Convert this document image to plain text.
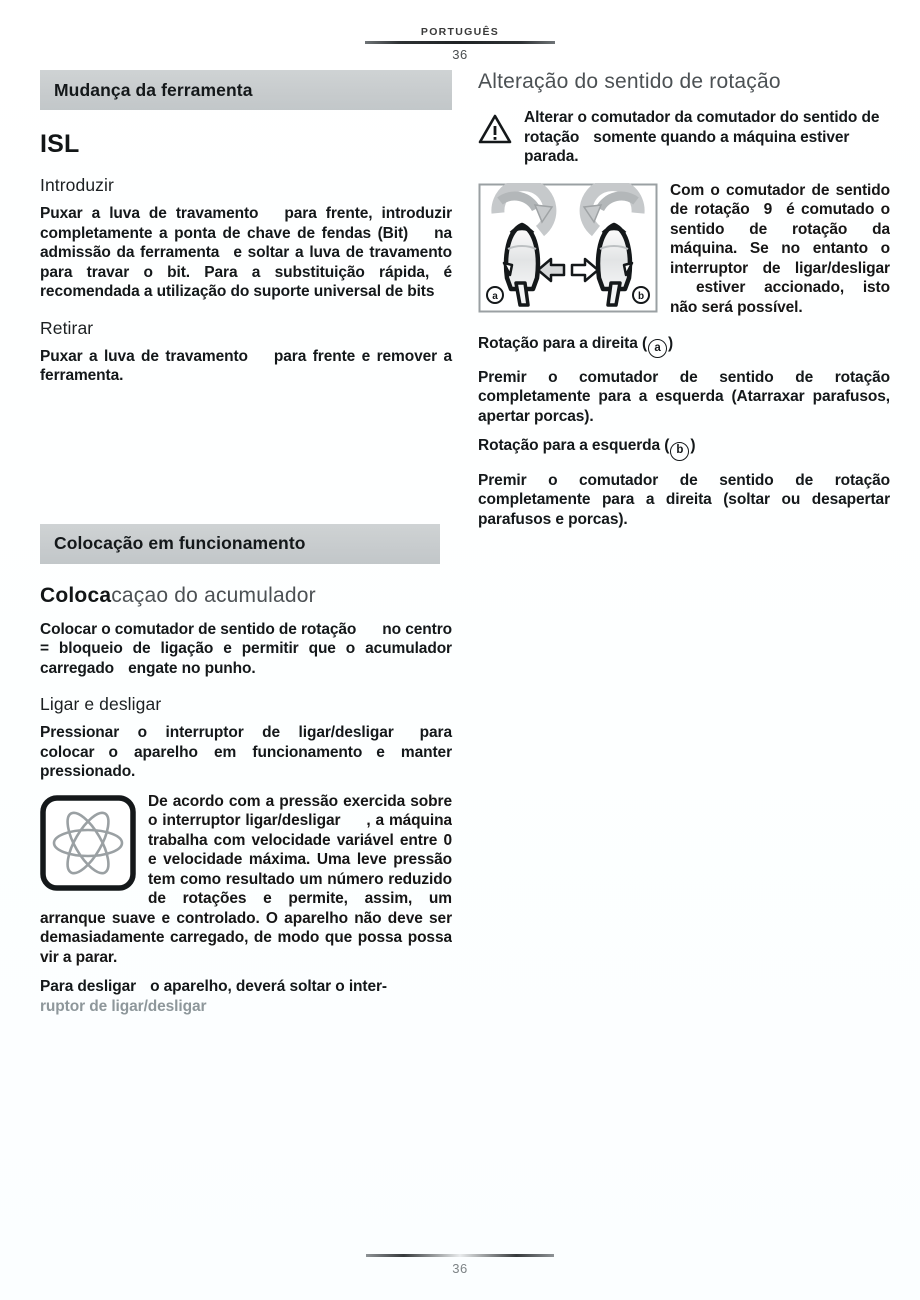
PORTUGUÊS
36
Mudança da ferramenta
ISL
Introduzir

Puxar a luva de travamento para frente, introduzir completamente a ponta de chave de fendas (Bit) na admissão da ferramenta e soltar a luva de travamento para travar o bit. Para a substituição rápida, é recomendada a utilização do suporte universal de bits

Retirar

Puxar a luva de travamento para frente e remover a ferramenta.

Colocação em funcionamento
Colocacaçao do acumulador

Colocar o comutador de sentido de rotação no centro = bloqueio de ligação e permitir que o acumulador carregado engate no punho.

Ligar e desligar

Pressionar o interruptor de ligar/desligar para colocar o aparelho em funcionamento e manter pressionado.

De acordo com a pressão exercida sobre o interruptor ligar/desligar , a máquina trabalha com velocidade variável entre 0 e velocidade máxima. Uma leve pressão tem como resultado um número reduzido de rotações e permite, assim, um arranque suave e controlado. O aparelho não deve ser demasiadamente carregado, de modo que possa possa vir a parar.

Para desligar o aparelho, deverá soltar o inter-
ruptor de ligar/desligar

Alteração do sentido de rotação

Alterar o comutador da comutador do sentido de rotação somente quando a máquina estiver parada.

a	b

Com o comutador de sentido de rotação 9 é comutado o sentido de rotação da máquina. Se no entanto o interruptor de ligar/desligarestiver accionado, isto não será possível.

Rotação para a direita ( a )

Premir o comutador de sentido de rotação completamente para a esquerda (Atarraxar parafusos, apertar porcas).

Rotação para a esquerda ( b )

Premir o comutador de sentido de rotação completamente para a direita (soltar ou desapertar parafusos e porcas).

36
